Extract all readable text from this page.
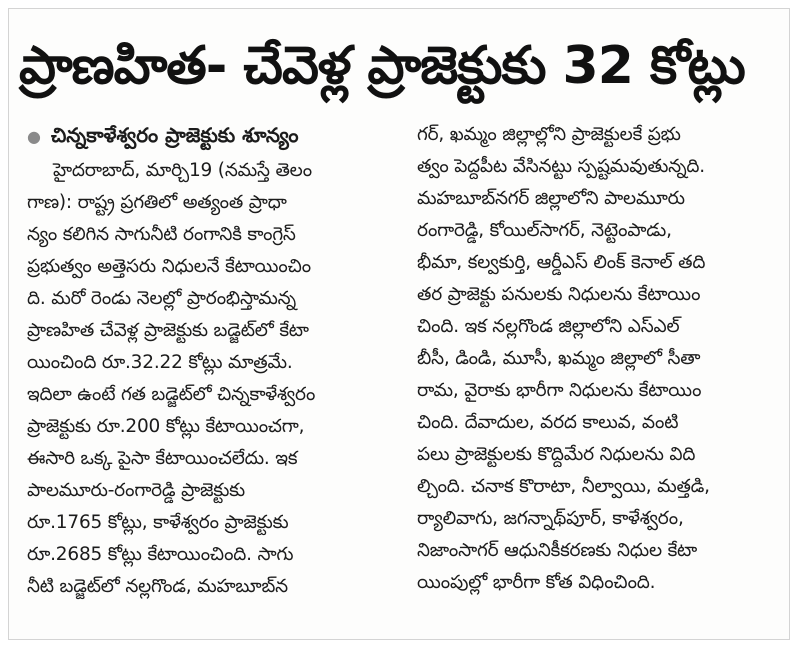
ప్రాణహిత- చేవెళ్ల ప్రాజెక్టుకు 32 కోట్లు
● చిన్నకాళేశ్వరం ప్రాజెక్టుకు శూన్యం
హైదరాబాద్, మార్చి19 (నమస్తే తెలం
గాణ): రాష్ట్ర ప్రగతిలో అత్యంత ప్రాధా
న్యం కలిగిన సాగునీటి రంగానికి కాంగ్రెస్
ప్రభుత్వం అత్తెసరు నిధులనే కేటాయించిం
ది. మరో రెండు నెలల్లో ప్రారంభిస్తామన్న
ప్రాణహిత చేవెళ్ల ప్రాజెక్టుకు బడ్జెట్‌లో కేటా
యించింది రూ.32.22 కోట్లు మాత్రమే.
ఇదిలా ఉంటే గత బడ్జెట్‌లో చిన్నకాళేశ్వరం
ప్రాజెక్టుకు రూ.200 కోట్లు కేటాయించగా,
ఈసారి ఒక్క పైసా కేటాయించలేదు. ఇక
పాలమూరు-రంగారెడ్డి ప్రాజెక్టుకు
రూ.1765 కోట్లు, కాళేశ్వరం ప్రాజెక్టుకు
రూ.2685 కోట్లు కేటాయించింది. సాగు
నీటి బడ్జెట్‌లో నల్లగొండ, మహబూబ్‌న
గర్, ఖమ్మం జిల్లాల్లోని ప్రాజెక్టులకే ప్రభు
త్వం పెద్దపీట వేసినట్టు స్పష్టమవుతున్నది.
మహబూబ్‌నగర్ జిల్లాలోని పాలమూరు
రంగారెడ్డి, కోయిల్‌సాగర్, నెట్టెంపాడు,
భీమా, కల్వకుర్తి, ఆర్డీఎస్ లింక్ కెనాల్ తది
తర ప్రాజెక్టు పనులకు నిధులను కేటాయిం
చింది. ఇక నల్లగొండ జిల్లాలోని ఎస్‌ఎల్
బీసీ, డిండి, మూసీ, ఖమ్మం జిల్లాలో సీతా
రామ, వైరాకు భారీగా నిధులను కేటాయిం
చింది. దేవాదుల, వరద కాలువ, వంటి
పలు ప్రాజెక్టులకు కొద్దిమేర నిధులను విది
ల్చింది. చనాక కొరాటా, నీల్వాయి, మత్తడి,
ర్యాలివాగు, జగన్నాథ్‌పూర్, కాళేశ్వరం,
నిజాంసాగర్ ఆధునికీకరణకు నిధుల కేటా
యింపుల్లో భారీగా కోత విధించింది.
